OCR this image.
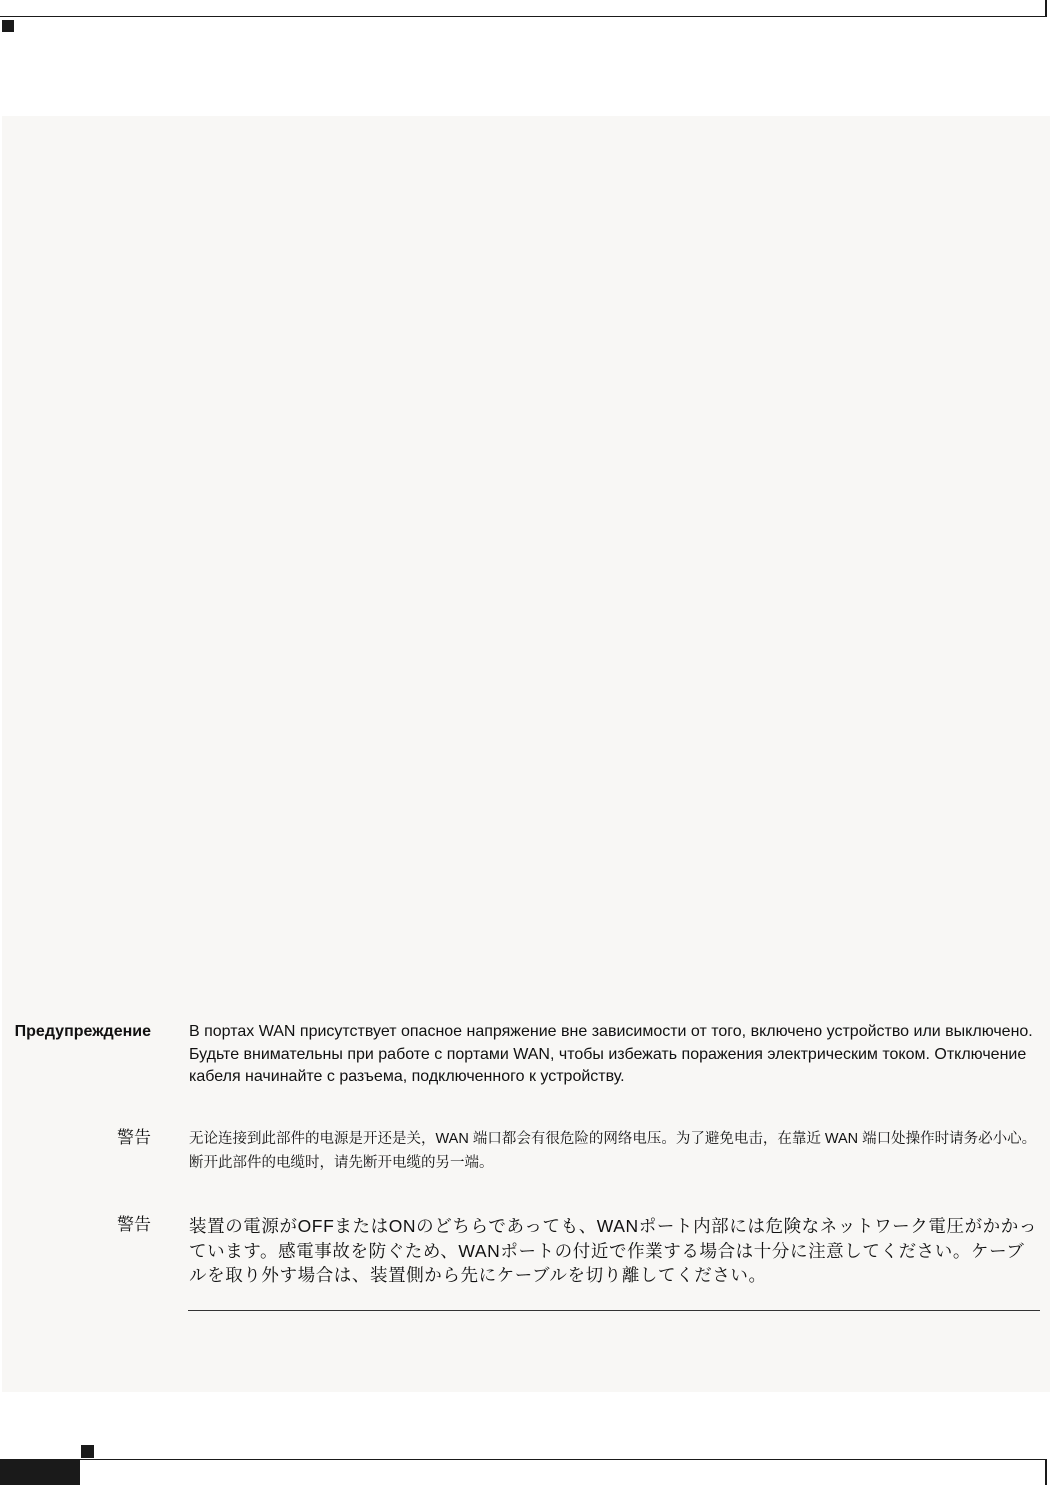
Предупреждение В портах WAN присутствует опасное напряжение вне зависимости от того, включено устройство или выключено. Будьте внимательны при работе с портами WAN, чтобы избежать поражения электрическим током. Отключение кабеля начинайте с разъема, подключенного к устройству.
警告	无论连接到此部件的电源是开还是关，WAN 端口都会有很危险的网络电压。为了避免电击，在靠近 WAN 端口处操作时请务必小心。断开此部件的电缆时，请先断开电缆的另一端。
警告 装置の電源がOFFまたはONのどちらであっても、WANポート内部には危険なネットワーク電圧がかかっています。感電事故を防ぐため、WANポートの付近で作業する場合は十分に注意してください。ケーブルを取り外す場合は、装置側から先にケーブルを切り離してください。
